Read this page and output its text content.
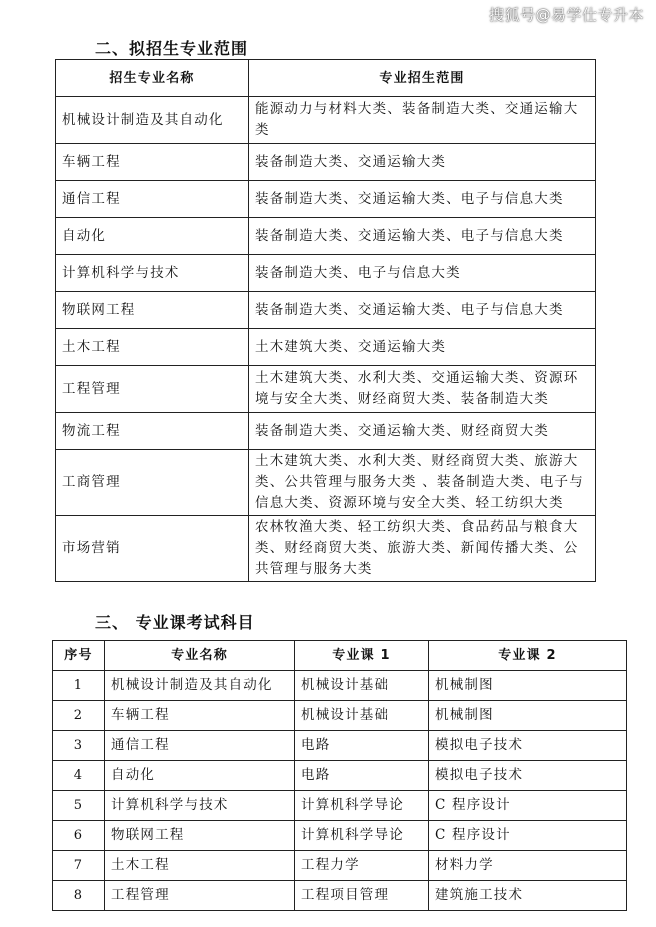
搜狐号@易学仕专升本
二、拟招生专业范围
招生专业名称	专业招生范围
机械设计制造及其自动化	能源动力与材料大类、装备制造大类、交通运输大类
车辆工程	装备制造大类、交通运输大类
通信工程	装备制造大类、交通运输大类、电子与信息大类
自动化	装备制造大类、交通运输大类、电子与信息大类
计算机科学与技术	装备制造大类、电子与信息大类
物联网工程	装备制造大类、交通运输大类、电子与信息大类
土木工程	土木建筑大类、交通运输大类
工程管理	土木建筑大类、水利大类、交通运输大类、资源环境与安全大类、财经商贸大类、装备制造大类
物流工程	装备制造大类、交通运输大类、财经商贸大类
工商管理	土木建筑大类、水利大类、财经商贸大类、旅游大类、公共管理与服务大类 、装备制造大类、电子与信息大类、资源环境与安全大类、轻工纺织大类
市场营销	农林牧渔大类、轻工纺织大类、食品药品与粮食大类、财经商贸大类、旅游大类、新闻传播大类、公共管理与服务大类
三、 专业课考试科目
序号	专业名称	专业课 1	专业课 2
1	机械设计制造及其自动化	机械设计基础	机械制图
2	车辆工程	机械设计基础	机械制图
3	通信工程	电路	模拟电子技术
4	自动化	电路	模拟电子技术
5	计算机科学与技术	计算机科学导论	C 程序设计
6	物联网工程	计算机科学导论	C 程序设计
7	土木工程	工程力学	材料力学
8	工程管理	工程项目管理	建筑施工技术
